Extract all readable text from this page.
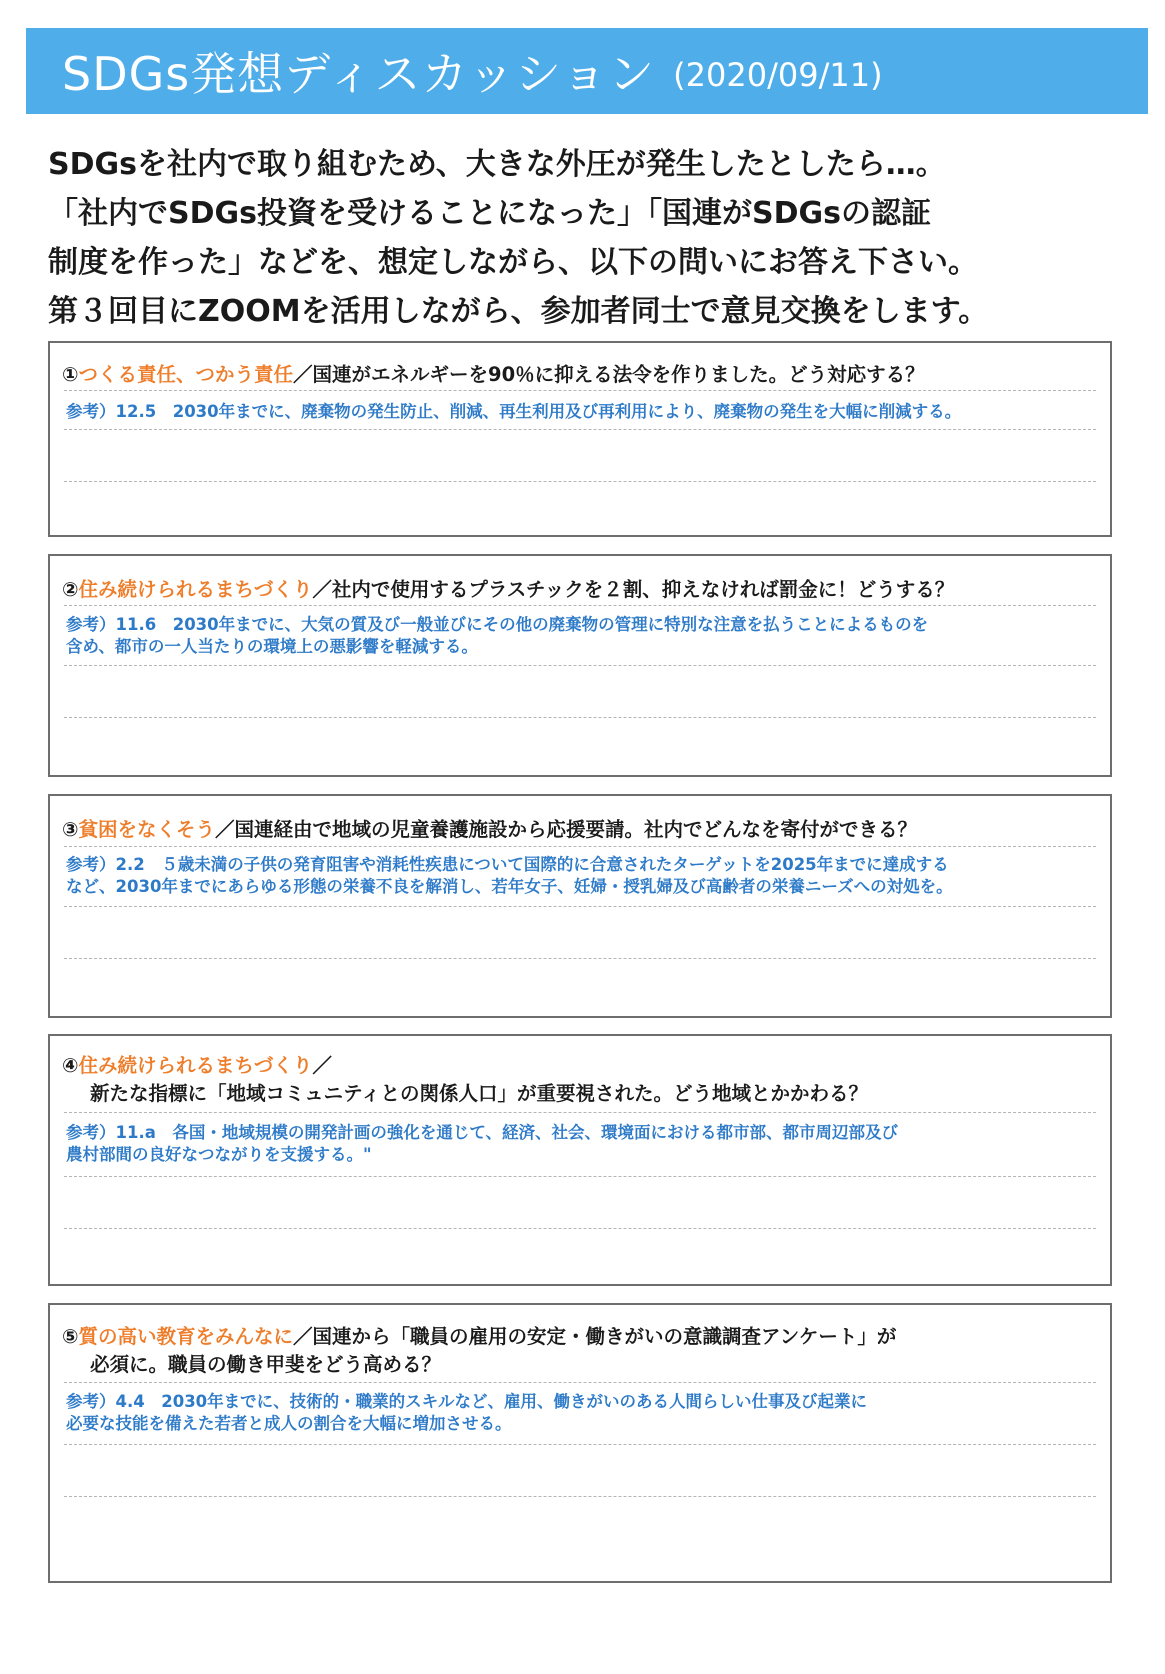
SDGs発想ディスカッション (2020/09/11)
SDGsを社内で取り組むため、大きな外圧が発生したとしたら…。
「社内でSDGs投資を受けることになった」「国連がSDGsの認証
制度を作った」などを、想定しながら、以下の問いにお答え下さい。
第３回目にZOOMを活用しながら、参加者同士で意見交換をします。
①つくる責任、つかう責任／国連がエネルギーを90％に抑える法令を作りました。どう対応する？
参考）12.5　2030年までに、廃棄物の発生防止、削減、再生利用及び再利用により、廃棄物の発生を大幅に削減する。
②住み続けられるまちづくり／社内で使用するプラスチックを２割、抑えなければ罰金に！どうする？
参考）11.6　2030年までに、大気の質及び一般並びにその他の廃棄物の管理に特別な注意を払うことによるものを
含め、都市の一人当たりの環境上の悪影響を軽減する。
③貧困をなくそう／国連経由で地域の児童養護施設から応援要請。社内でどんなを寄付ができる？
参考）2.2　５歳未満の子供の発育阻害や消耗性疾患について国際的に合意されたターゲットを2025年までに達成する
など、2030年までにあらゆる形態の栄養不良を解消し、若年女子、妊婦・授乳婦及び高齢者の栄養ニーズへの対処を。
④住み続けられるまちづくり／
新たな指標に「地域コミュニティとの関係人口」が重要視された。どう地域とかかわる？
参考）11.a　各国・地域規模の開発計画の強化を通じて、経済、社会、環境面における都市部、都市周辺部及び
農村部間の良好なつながりを支援する。"
⑤質の高い教育をみんなに／国連から「職員の雇用の安定・働きがいの意識調査アンケート」が
必須に。職員の働き甲斐をどう高める？
参考）4.4　2030年までに、技術的・職業的スキルなど、雇用、働きがいのある人間らしい仕事及び起業に
必要な技能を備えた若者と成人の割合を大幅に増加させる。
